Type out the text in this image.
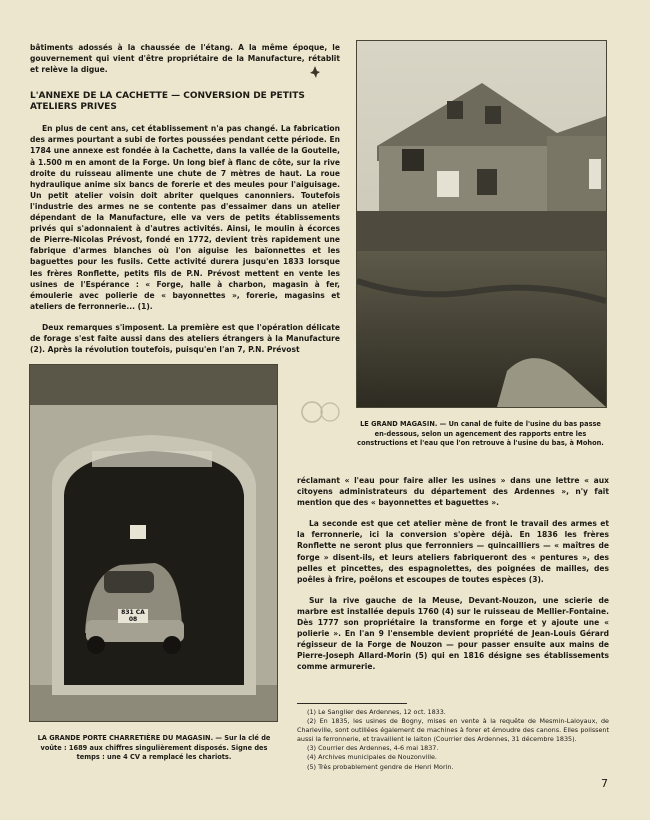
bâtiments adossés à la chaussée de l'étang. A la même époque, le gouvernement qui vient d'être propriétaire de la Manufacture, rétablit et relève la digue.

L'ANNEXE DE LA CACHETTE — CONVERSION DE PETITS ATELIERS PRIVES

En plus de cent ans, cet établissement n'a pas changé. La fabrication des armes pourtant a subi de fortes poussées pendant cette période. En 1784 une annexe est fondée à la Cachette, dans la vallée de la Goutelle, à 1.500 m en amont de la Forge. Un long bief à flanc de côte, sur la rive droite du ruisseau alimente une chute de 7 mètres de haut. La roue hydraulique anime six bancs de forerie et des meules pour l'aiguisage. Un petit atelier voisin doit abriter quelques canonniers. Toutefois l'industrie des armes ne se contente pas d'essaimer dans un atelier dépendant de la Manufacture, elle va vers de petits établissements privés qui s'adonnaient à d'autres activités. Ainsi, le moulin à écorces de Pierre-Nicolas Prévost, fondé en 1772, devient très rapidement une fabrique d'armes blanches où l'on aiguise les baïonnettes et les baguettes pour les fusils. Cette activité durera jusqu'en 1833 lorsque les frères Ronflette, petits fils de P.N. Prévost mettent en vente les usines de l'Espérance : « Forge, halle à charbon, magasin à fer, émoulerie avec polierie de « bayonnettes », forerie, magasins et ateliers de ferronnerie... (1).

Deux remarques s'imposent. La première est que l'opération délicate de forage s'est faite aussi dans des ateliers étrangers à la Manufacture (2). Après la révolution toutefois, puisqu'en l'an 7, P.N. Prévost

LE GRAND MAGASIN. — Un canal de fuite de l'usine du bas passe en-dessous, selon un agencement des rapports entre les constructions et l'eau que l'on retrouve à l'usine du bas, à Mohon.
831 CA 08
LA GRANDE PORTE CHARRETIÈRE DU MAGASIN. — Sur la clé de voûte : 1689 aux chiffres singulièrement disposés. Signe des temps : une 4 CV a remplacé les chariots.

réclamant « l'eau pour faire aller les usines » dans une lettre « aux citoyens administrateurs du département des Ardennes », n'y fait mention que des « bayonnettes et baguettes ».

La seconde est que cet atelier mène de front le travail des armes et la ferronnerie, ici la conversion s'opère déjà. En 1836 les frères Ronflette ne seront plus que ferronniers — quincailliers — « maîtres de forge » disent-ils, et leurs ateliers fabriqueront des « pentures », des pelles et pincettes, des espagnolettes, des poignées de mailles, des poêles à frire, poêlons et escoupes de toutes espèces (3).

Sur la rive gauche de la Meuse, Devant-Nouzon, une scierie de marbre est installée depuis 1760 (4) sur le ruisseau de Mellier-Fontaine. Dès 1777 son propriétaire la transforme en forge et y ajoute une « polierie ». En l'an 9 l'ensemble devient propriété de Jean-Louis Gérard régisseur de la Forge de Nouzon — pour passer ensuite aux mains de Pierre-Joseph Allard-Morin (5) qui en 1816 désigne ses établissements comme armurerie.

(1) Le Sanglier des Ardennes, 12 oct. 1833.

(2) En 1835, les usines de Bogny, mises en vente à la requête de Mesmin-Laloyaux, de Charleville, sont outillées également de machines à forer et émoudre des canons. Elles polissent aussi la ferronnerie, et travaillent le laiton (Courrier des Ardennes, 31 décembre 1835).

(3) Courrier des Ardennes, 4-6 mai 1837.

(4) Archives municipales de Nouzonville.

(5) Très probablement gendre de Henri Morin.

7
